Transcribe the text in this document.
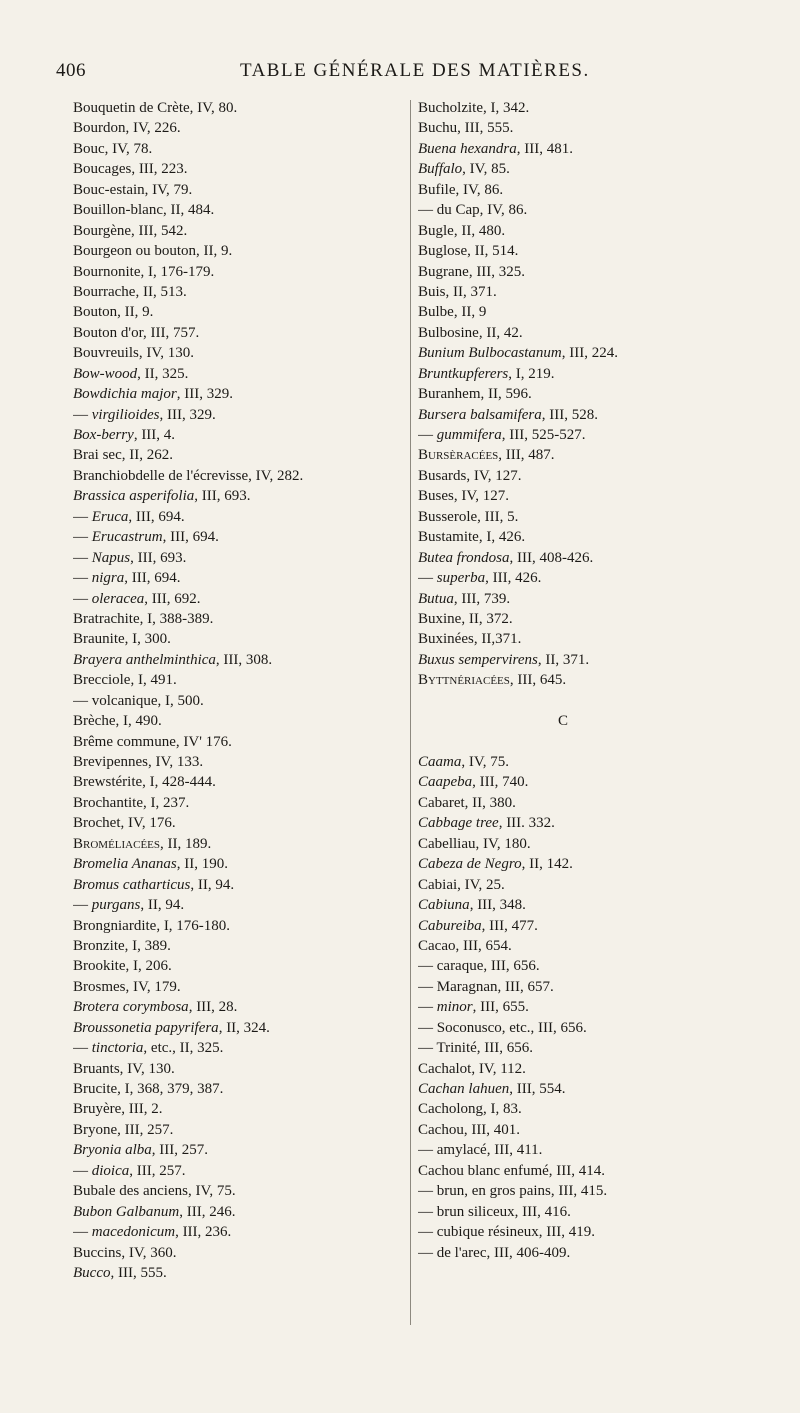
406	TABLE GÉNÉRALE DES MATIÈRES.
Bouquetin de Crète, IV, 80.
Bourdon, IV, 226.
Bouc, IV, 78.
Boucages, III, 223.
Bouc-estain, IV, 79.
Bouillon-blanc, II, 484.
Bourgène, III, 542.
Bourgeon ou bouton, II, 9.
Bournonite, I, 176-179.
Bourrache, II, 513.
Bouton, II, 9.
Bouton d'or, III, 757.
Bouvreuils, IV, 130.
Bow-wood, II, 325.
Bowdichia major, III, 329.
— virgilioides, III, 329.
Box-berry, III, 4.
Brai sec, II, 262.
Branchiobdelle de l'écrevisse, IV, 282.
Brassica asperifolia, III, 693.
— Eruca, III, 694.
— Erucastrum, III, 694.
— Napus, III, 693.
— nigra, III, 694.
— oleracea, III, 692.
Bratrachite, I, 388-389.
Braunite, I, 300.
Brayera anthelminthica, III, 308.
Brecciole, I, 491.
— volcanique, I, 500.
Brèche, I, 490.
Brême commune, IV' 176.
Brevipennes, IV, 133.
Brewstérite, I, 428-444.
Brochantite, I, 237.
Brochet, IV, 176.
Broméliacées, II, 189.
Bromelia Ananas, II, 190.
Bromus catharticus, II, 94.
— purgans, II, 94.
Brongniardite, I, 176-180.
Bronzite, I, 389.
Brookite, I, 206.
Brosmes, IV, 179.
Brotera corymbosa, III, 28.
Broussonetia papyrifera, II, 324.
— tinctoria, etc., II, 325.
Bruants, IV, 130.
Brucite, I, 368, 379, 387.
Bruyère, III, 2.
Bryone, III, 257.
Bryonia alba, III, 257.
— dioica, III, 257.
Bubale des anciens, IV, 75.
Bubon Galbanum, III, 246.
— macedonicum, III, 236.
Buccins, IV, 360.
Bucco, III, 555.
Bucholzite, I, 342.
Buchu, III, 555.
Buena hexandra, III, 481.
Buffalo, IV, 85.
Bufile, IV, 86.
— du Cap, IV, 86.
Bugle, II, 480.
Buglose, II, 514.
Bugrane, III, 325.
Buis, II, 371.
Bulbe, II, 9
Bulbosine, II, 42.
Bunium Bulbocastanum, III, 224.
Bruntkupferers, I, 219.
Buranhem, II, 596.
Bursera balsamifera, III, 528.
— gummifera, III, 525-527.
Bursèracées, III, 487.
Busards, IV, 127.
Buses, IV, 127.
Busserole, III, 5.
Bustamite, I, 426.
Butea frondosa, III, 408-426.
— superba, III, 426.
Butua, III, 739.
Buxine, II, 372.
Buxinées, II,371.
Buxus sempervirens, II, 371.
Byttnériacées, III, 645.
C
Caama, IV, 75.
Caapeba, III, 740.
Cabaret, II, 380.
Cabbage tree, III. 332.
Cabelliau, IV, 180.
Cabeza de Negro, II, 142.
Cabiai, IV, 25.
Cabiuna, III, 348.
Cabureiba, III, 477.
Cacao, III, 654.
— caraque, III, 656.
— Maragnan, III, 657.
— minor, III, 655.
— Soconusco, etc., III, 656.
— Trinité, III, 656.
Cachalot, IV, 112.
Cachan lahuen, III, 554.
Cacholong, I, 83.
Cachou, III, 401.
— amylacé, III, 411.
Cachou blanc enfumé, III, 414.
— brun, en gros pains, III, 415.
— brun siliceux, III, 416.
— cubique résineux, III, 419.
— de l'arec, III, 406-409.
